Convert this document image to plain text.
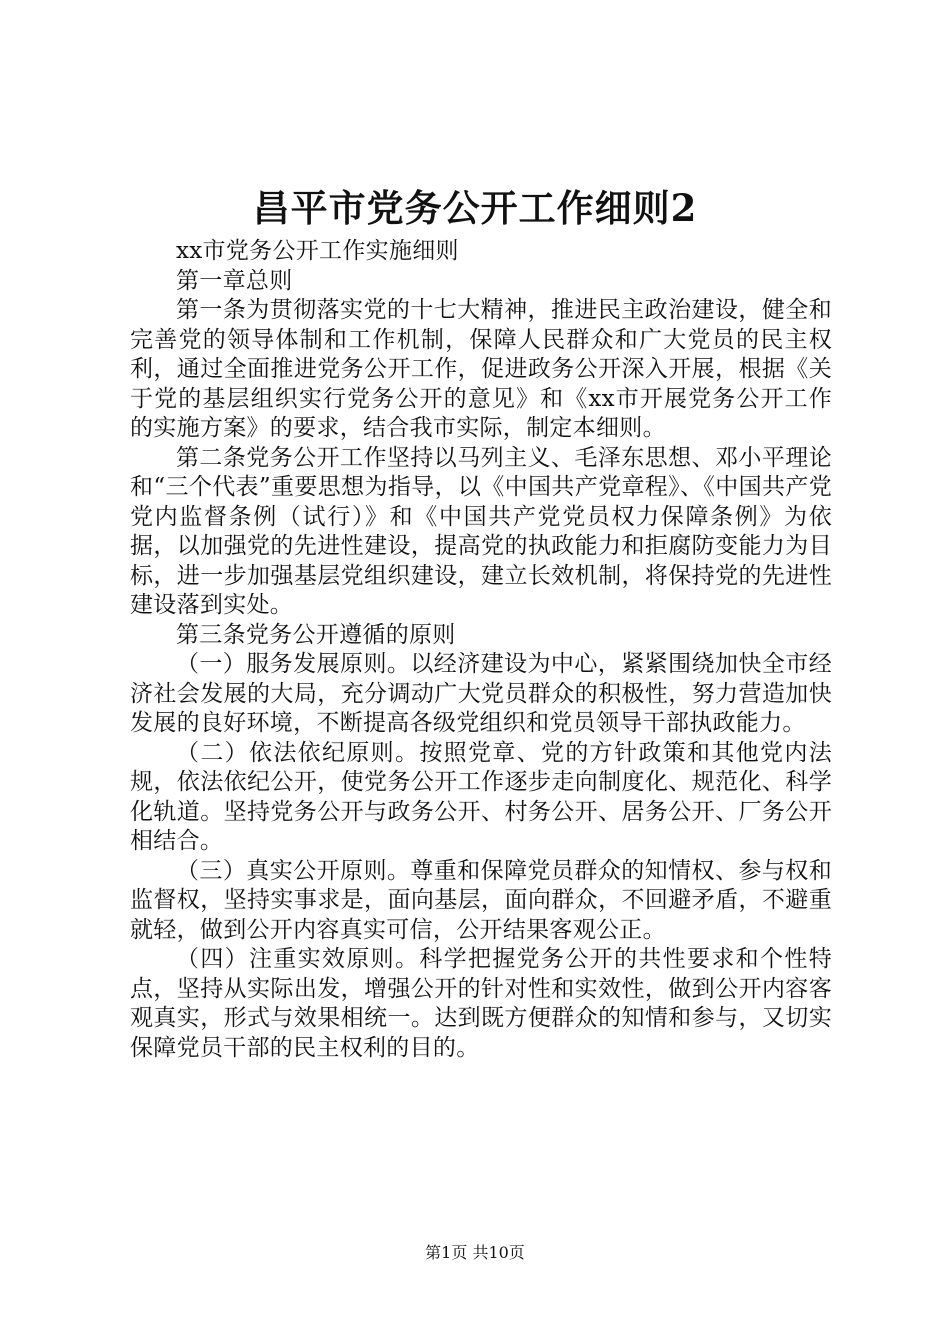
昌平市党务公开工作细则2

xx市党务公开工作实施细则

第一章总则

第一条为贯彻落实党的十七大精神，推进民主政治建设，健全和完善党的领导体制和工作机制，保障人民群众和广大党员的民主权利，通过全面推进党务公开工作，促进政务公开深入开展，根据《关于党的基层组织实行党务公开的意见》和《xx市开展党务公开工作的实施方案》的要求，结合我市实际，制定本细则。

第二条党务公开工作坚持以马列主义、毛泽东思想、邓小平理论和“三个代表”重要思想为指导，以《中国共产党章程》、《中国共产党党内监督条例（试行）》和《中国共产党党员权力保障条例》为依据，以加强党的先进性建设，提高党的执政能力和拒腐防变能力为目标，进一步加强基层党组织建设，建立长效机制，将保持党的先进性建设落到实处。

第三条党务公开遵循的原则

（一）服务发展原则。以经济建设为中心，紧紧围绕加快全市经济社会发展的大局，充分调动广大党员群众的积极性，努力营造加快发展的良好环境，不断提高各级党组织和党员领导干部执政能力。

（二）依法依纪原则。按照党章、党的方针政策和其他党内法规，依法依纪公开，使党务公开工作逐步走向制度化、规范化、科学化轨道。坚持党务公开与政务公开、村务公开、居务公开、厂务公开相结合。

（三）真实公开原则。尊重和保障党员群众的知情权、参与权和监督权，坚持实事求是，面向基层，面向群众，不回避矛盾，不避重就轻，做到公开内容真实可信，公开结果客观公正。

（四）注重实效原则。科学把握党务公开的共性要求和个性特点，坚持从实际出发，增强公开的针对性和实效性，做到公开内容客观真实，形式与效果相统一。达到既方便群众的知情和参与，又切实保障党员干部的民主权利的目的。

第1页 共10页
